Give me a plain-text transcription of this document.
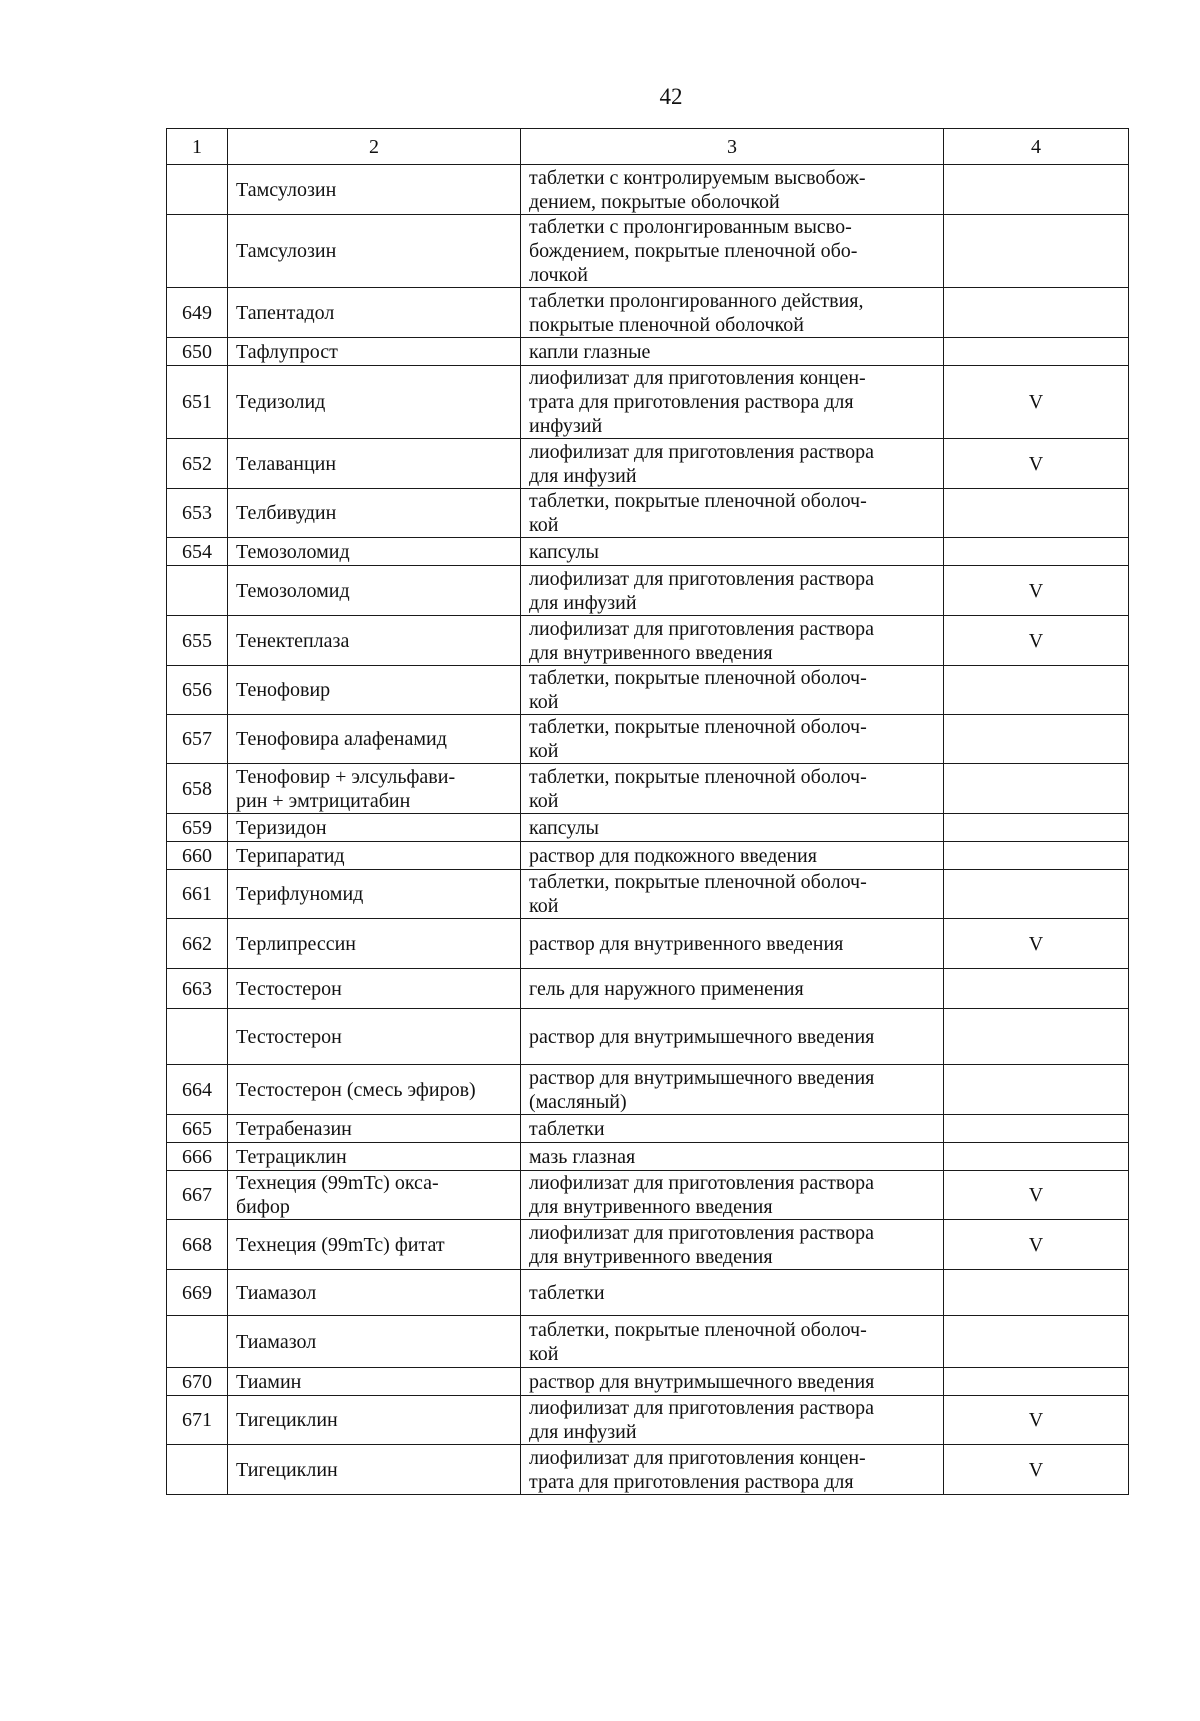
42
1	2	3	4
	Тамсулозин	таблетки с контролируемым высвобож-
дением, покрытые оболочкой	
	Тамсулозин	таблетки с пролонгированным высво-
бождением, покрытые пленочной обо-
лочкой	
649	Тапентадол	таблетки пролонгированного действия,
покрытые пленочной оболочкой	
650	Тафлупрост	капли глазные	
651	Тедизолид	лиофилизат для приготовления концен-
трата для приготовления раствора для
инфузий	V
652	Телаванцин	лиофилизат для приготовления раствора
для инфузий	V
653	Телбивудин	таблетки, покрытые пленочной оболоч-
кой	
654	Темозоломид	капсулы	
	Темозоломид	лиофилизат для приготовления раствора
для инфузий	V
655	Тенектеплаза	лиофилизат для приготовления раствора
для внутривенного введения	V
656	Тенофовир	таблетки, покрытые пленочной оболоч-
кой	
657	Тенофовира алафенамид	таблетки, покрытые пленочной оболоч-
кой	
658	Тенофовир + элсульфави-
рин + эмтрицитабин	таблетки, покрытые пленочной оболоч-
кой	
659	Теризидон	капсулы	
660	Терипаратид	раствор для подкожного введения	
661	Терифлуномид	таблетки, покрытые пленочной оболоч-
кой	
662	Терлипрессин	раствор для внутривенного введения	V
663	Тестостерон	гель для наружного применения	
	Тестостерон	раствор для внутримышечного введения	
664	Тестостерон (смесь эфиров)	раствор для внутримышечного введения
(масляный)	
665	Тетрабеназин	таблетки	
666	Тетрациклин	мазь глазная	
667	Технеция (99mTc) окса-
бифор	лиофилизат для приготовления раствора
для внутривенного введения	V
668	Технеция (99mTc) фитат	лиофилизат для приготовления раствора
для внутривенного введения	V
669	Тиамазол	таблетки	
	Тиамазол	таблетки, покрытые пленочной оболоч-
кой	
670	Тиамин	раствор для внутримышечного введения	
671	Тигециклин	лиофилизат для приготовления раствора
для инфузий	V
	Тигециклин	лиофилизат для приготовления концен-
трата для приготовления раствора для	V
